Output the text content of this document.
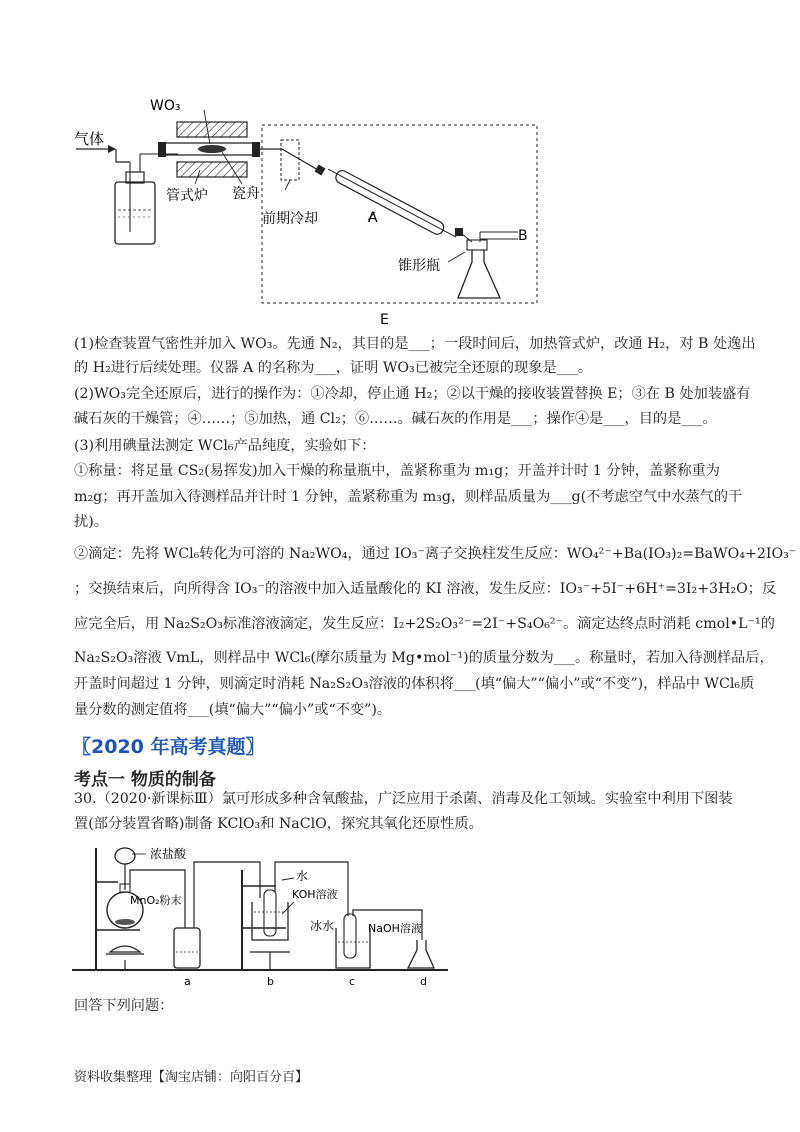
WO₃
气体
管式炉 瓷舟
前期冷却	A
B
锥形瓶
E
(1)检查装置气密性并加入 WO₃。先通 N₂，其目的是___；一段时间后，加热管式炉，改通 H₂，对 B 处逸出
的 H₂进行后续处理。仪器 A 的名称为___，证明 WO₃已被完全还原的现象是___。
(2)WO₃完全还原后，进行的操作为：①冷却，停止通 H₂；②以干燥的接收装置替换 E；③在 B 处加装盛有
碱石灰的干燥管；④……；⑤加热，通 Cl₂；⑥……。碱石灰的作用是___；操作④是___，目的是___。
(3)利用碘量法测定 WCl₆产品纯度，实验如下：
①称量：将足量 CS₂(易挥发)加入干燥的称量瓶中，盖紧称重为 m₁g；开盖并计时 1 分钟，盖紧称重为
m₂g；再开盖加入待测样品并计时 1 分钟，盖紧称重为 m₃g，则样品质量为___g(不考虑空气中水蒸气的干
扰)。
②滴定：先将 WCl₆转化为可溶的 Na₂WO₄，通过 IO₃⁻离子交换柱发生反应：WO₄²⁻+Ba(IO₃)₂=BaWO₄+2IO₃⁻
；交换结束后，向所得含 IO₃⁻的溶液中加入适量酸化的 KI 溶液，发生反应：IO₃⁻+5I⁻+6H⁺=3I₂+3H₂O；反
应完全后，用 Na₂S₂O₃标准溶液滴定，发生反应：I₂+2S₂O₃²⁻=2I⁻+S₄O₆²⁻。滴定达终点时消耗 cmol•L⁻¹的
Na₂S₂O₃溶液 VmL，则样品中 WCl₆(摩尔质量为 Mg•mol⁻¹)的质量分数为___。称量时，若加入待测样品后，
开盖时间超过 1 分钟，则滴定时消耗 Na₂S₂O₃溶液的体积将___(填“偏大”“偏小”或“不变”)，样品中 WCl₆质
量分数的测定值将___(填“偏大”“偏小”或“不变”)。
〖2020 年高考真题〗
考点一 物质的制备
30.（2020·新课标Ⅲ）氯可形成多种含氧酸盐，广泛应用于杀菌、消毒及化工领域。实验室中利用下图装
置(部分装置省略)制备 KClO₃和 NaClO，探究其氧化还原性质。
浓盐酸
MnO₂粉末
水
KOH溶液
冰水	NaOH溶液
a	b	c	d
回答下列问题：
资料收集整理【淘宝店铺：向阳百分百】
